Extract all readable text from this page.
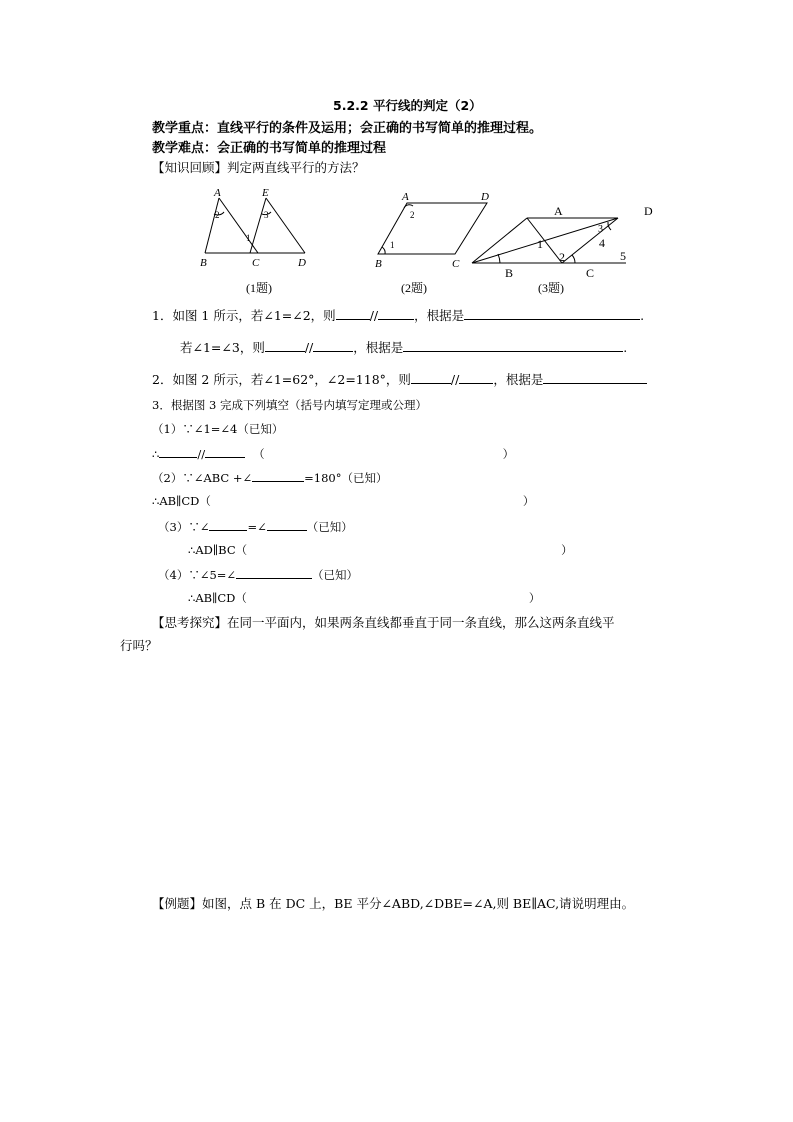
5.2.2 平行线的判定（2）
教学重点：直线平行的条件及运用；会正确的书写简单的推理过程。
教学难点：会正确的书写简单的推理过程
【知识回顾】判定两直线平行的方法？
A	E
2	3
1
B	C	D
A	D
2
1
B	C
A	D
3
1	4
2	5
B	C
(1题)	(2题)	(3题)
1．如图 1 所示，若∠1=∠2，则	//	，根据是	.
若∠1=∠3，则	//	，根据是	.
2．如图 2 所示，若∠1=62°，∠2=118°，则	//	，根据是
3．根据图 3 完成下列填空（括号内填写定理或公理）
（1）∵∠1=∠4（已知）
∴	//	（	）
（2）∵∠ABC +∠	=180°（已知）
∴AB∥CD（	）
（3）∵∠	=∠	（已知）
∴AD∥BC（	）
（4）∵∠5=∠	（已知）
∴AB∥CD（	）
【思考探究】在同一平面内，如果两条直线都垂直于同一条直线，那么这两条直线平
行吗？
【例题】如图，点 B 在 DC 上，BE 平分∠ABD,∠DBE=∠A,则 BE∥AC,请说明理由。
